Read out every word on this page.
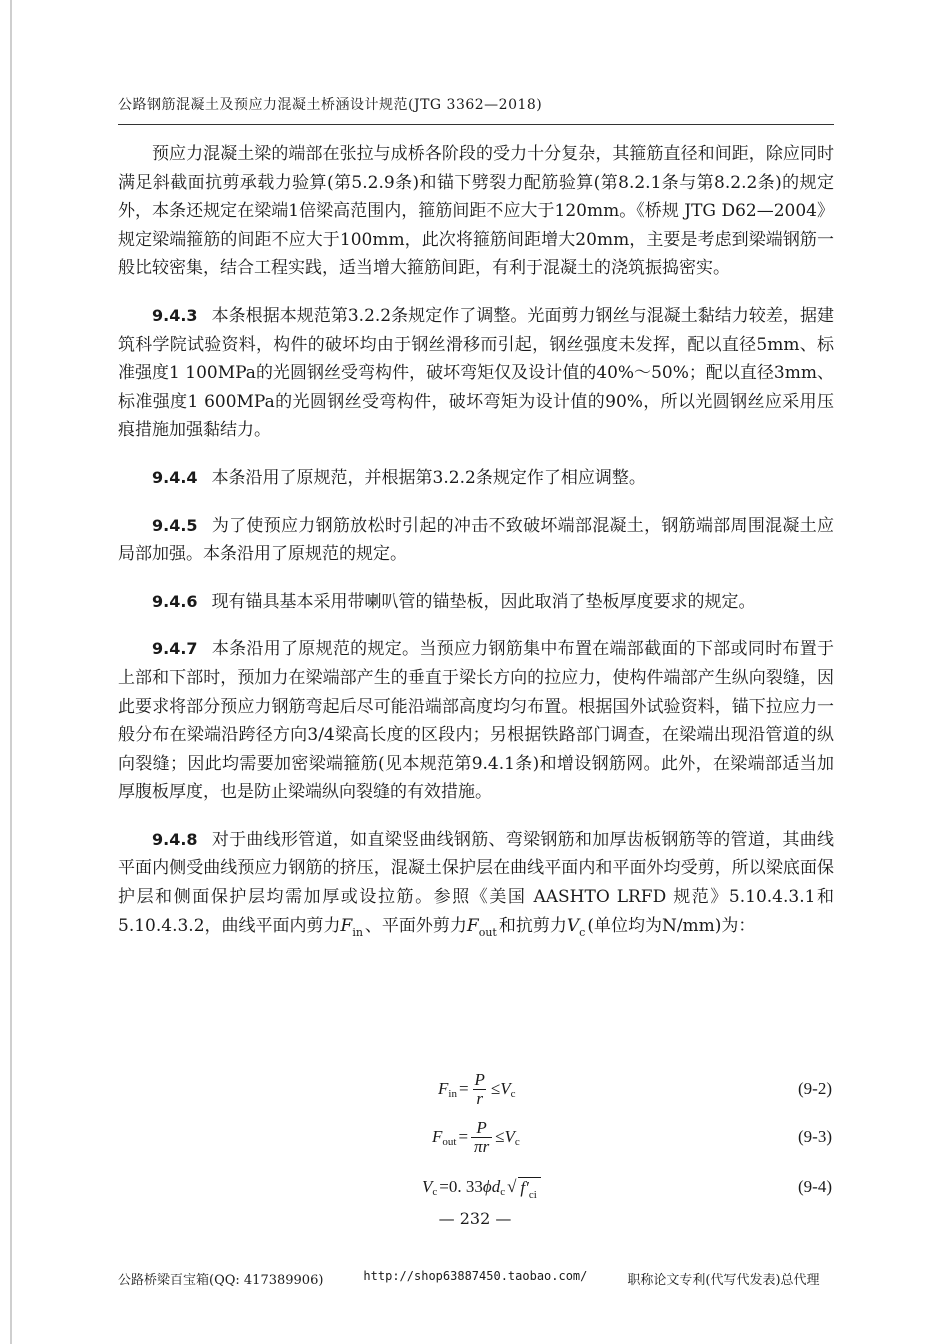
公路钢筋混凝土及预应力混凝土桥涵设计规范(JTG 3362—2018)

预应力混凝土梁的端部在张拉与成桥各阶段的受力十分复杂，其箍筋直径和间距，除应同时满足斜截面抗剪承载力验算(第5.2.9条)和锚下劈裂力配筋验算(第8.2.1条与第8.2.2条)的规定外，本条还规定在梁端1倍梁高范围内，箍筋间距不应大于120mm。《桥规 JTG D62—2004》规定梁端箍筋的间距不应大于100mm，此次将箍筋间距增大20mm，主要是考虑到梁端钢筋一般比较密集，结合工程实践，适当增大箍筋间距，有利于混凝土的浇筑振捣密实。

9.4.3 本条根据本规范第3.2.2条规定作了调整。光面剪力钢丝与混凝土黏结力较差，据建筑科学院试验资料，构件的破坏均由于钢丝滑移而引起，钢丝强度未发挥，配以直径5mm、标准强度1 100MPa的光圆钢丝受弯构件，破坏弯矩仅及设计值的40%～50%；配以直径3mm、标准强度1 600MPa的光圆钢丝受弯构件，破坏弯矩为设计值的90%，所以光圆钢丝应采用压痕措施加强黏结力。

9.4.4 本条沿用了原规范，并根据第3.2.2条规定作了相应调整。

9.4.5 为了使预应力钢筋放松时引起的冲击不致破坏端部混凝土，钢筋端部周围混凝土应局部加强。本条沿用了原规范的规定。

9.4.6 现有锚具基本采用带喇叭管的锚垫板，因此取消了垫板厚度要求的规定。

9.4.7 本条沿用了原规范的规定。当预应力钢筋集中布置在端部截面的下部或同时布置于上部和下部时，预加力在梁端部产生的垂直于梁长方向的拉应力，使构件端部产生纵向裂缝，因此要求将部分预应力钢筋弯起后尽可能沿端部高度均匀布置。根据国外试验资料，锚下拉应力一般分布在梁端沿跨径方向3/4梁高长度的区段内；另根据铁路部门调查，在梁端出现沿管道的纵向裂缝；因此均需要加密梁端箍筋(见本规范第9.4.1条)和增设钢筋网。此外，在梁端部适当加厚腹板厚度，也是防止梁端纵向裂缝的有效措施。

9.4.8 对于曲线形管道，如直梁竖曲线钢筋、弯梁钢筋和加厚齿板钢筋等的管道，其曲线平面内侧受曲线预应力钢筋的挤压，混凝土保护层在曲线平面内和平面外均受剪，所以梁底面保护层和侧面保护层均需加厚或设拉筋。参照《美国 AASHTO LRFD 规范》5.10.4.3.1和5.10.4.3.2，曲线平面内剪力$F_{in}$ 、平面外剪力$F_{out}$ 和抗剪力$V_c$ (单位均为N/mm)为：

F in = $\frac{P}{r} \le V$ c	(9-2)
F out = $\frac{P}{\pi r} \le V$ c	(9-3)
V c =0. 33 ϕ d c √ $f'_{ci}$	(9-4)
— 232 —
公路桥梁百宝箱(QQ: 417389906)	http://shop63887450.taobao.com/	职称论文专利(代写代发表)总代理
